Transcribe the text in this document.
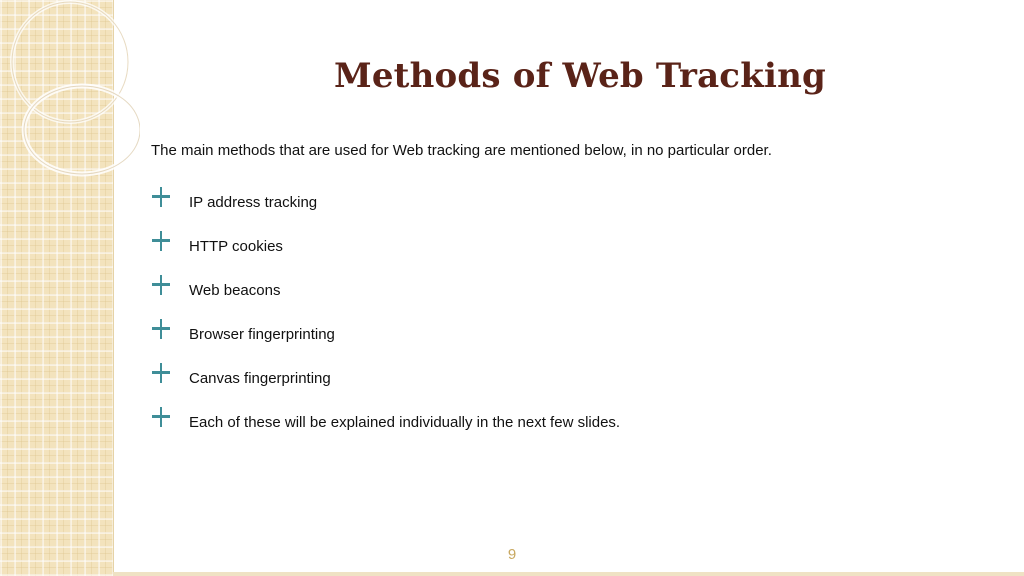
Methods of Web Tracking

The main methods that are used for Web tracking are mentioned below, in no particular order.

IP address tracking
HTTP cookies
Web beacons
Browser fingerprinting
Canvas fingerprinting
Each of these will be explained individually in the next few slides.
9
